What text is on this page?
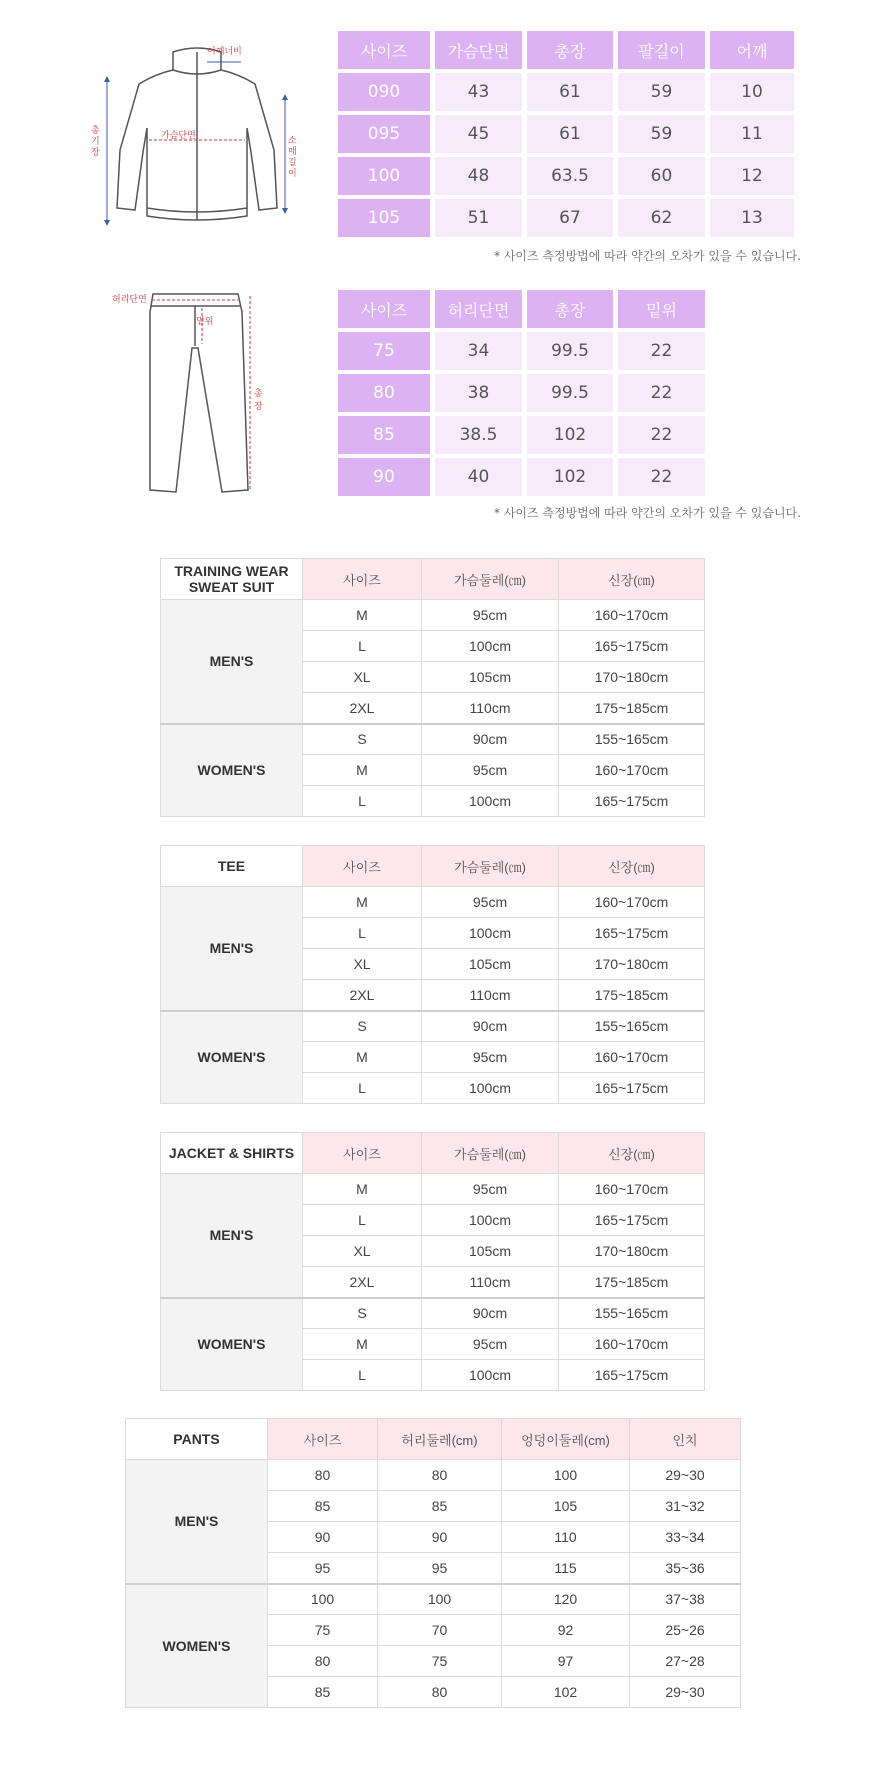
어깨너비
가슴단면
총기장
소매길이
사이즈	가슴단면	총장	팔길이	어깨
090	43	61	59	10
095	45	61	59	11
100	48	63.5	60	12
105	51	67	62	13
* 사이즈 측정방법에 따라 약간의 오차가 있을 수 있습니다.
허리단면
밑위
총장
사이즈	허리단면	총장	밑위
75	34	99.5	22
80	38	99.5	22
85	38.5	102	22
90	40	102	22
* 사이즈 측정방법에 따라 약간의 오차가 있을 수 있습니다.
TRAINING WEAR
SWEAT SUIT	사이즈	가슴둘레(㎝)	신장(㎝)
MEN'S	M	95cm	160~170cm
	L	100cm	165~175cm
	XL	105cm	170~180cm
	2XL	110cm	175~185cm
WOMEN'S	S	90cm	155~165cm
	M	95cm	160~170cm
	L	100cm	165~175cm
TEE	사이즈	가슴둘레(㎝)	신장(㎝)
MEN'S	M	95cm	160~170cm
	L	100cm	165~175cm
	XL	105cm	170~180cm
	2XL	110cm	175~185cm
WOMEN'S	S	90cm	155~165cm
	M	95cm	160~170cm
	L	100cm	165~175cm
JACKET & SHIRTS	사이즈	가슴둘레(㎝)	신장(㎝)
MEN'S	M	95cm	160~170cm
	L	100cm	165~175cm
	XL	105cm	170~180cm
	2XL	110cm	175~185cm
WOMEN'S	S	90cm	155~165cm
	M	95cm	160~170cm
	L	100cm	165~175cm
PANTS	사이즈	허리둘레(cm)	엉덩이둘레(cm)	인치
MEN'S	80	80	100	29~30
	85	85	105	31~32
	90	90	110	33~34
	95	95	115	35~36
WOMEN'S	100	100	120	37~38
	75	70	92	25~26
	80	75	97	27~28
	85	80	102	29~30
